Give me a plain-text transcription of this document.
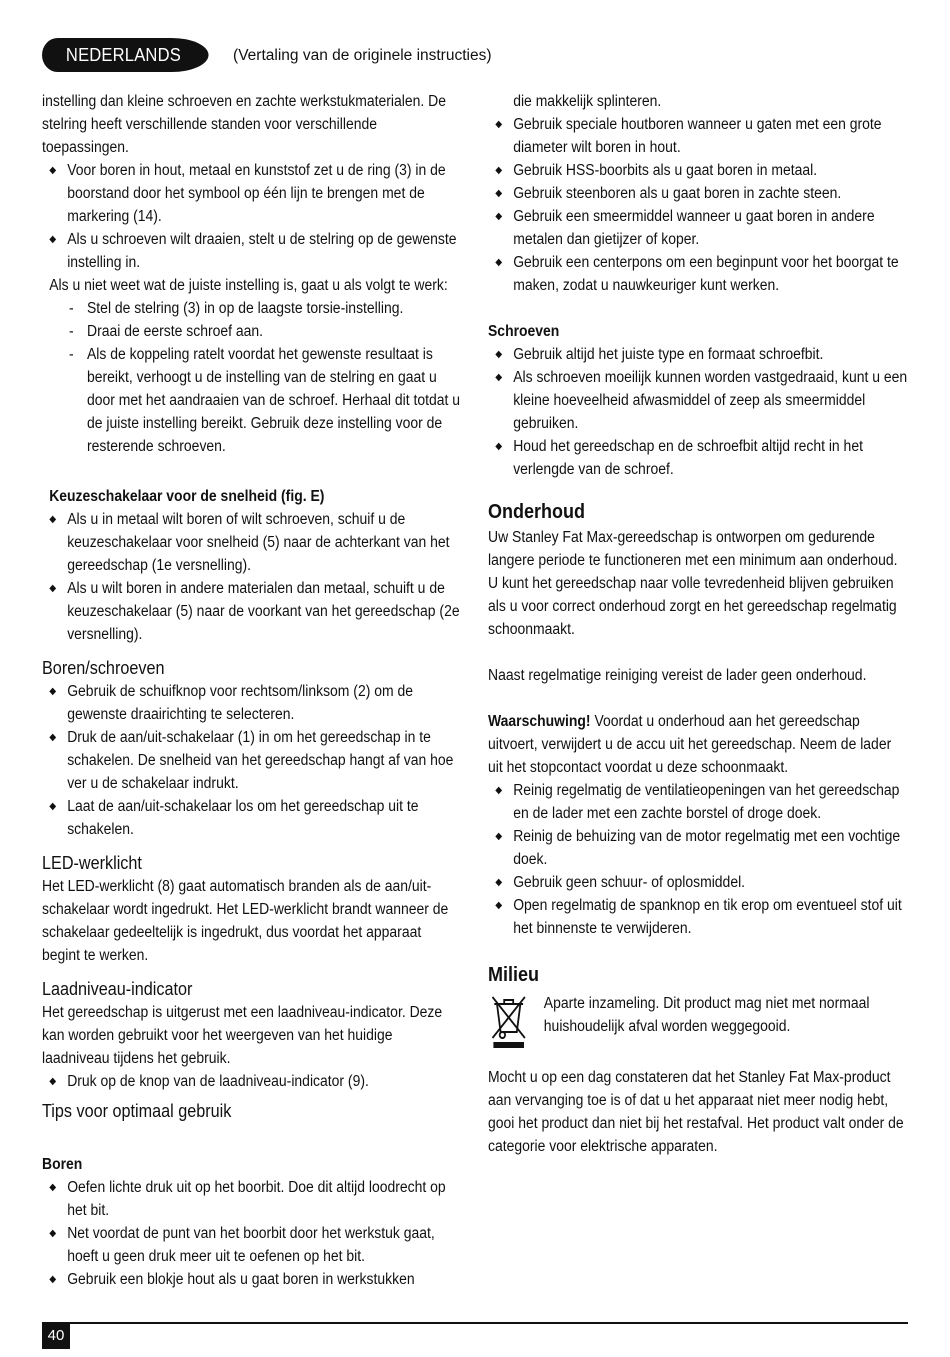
NEDERLANDS	(Vertaling van de originele instructies)

instelling dan kleine schroeven en zachte werkstukmaterialen. De stelring heeft verschillende standen voor verschillende toepassingen.

◆ Voor boren in hout, metaal en kunststof zet u de ring (3) in de boorstand door het symbool op één lijn te brengen met de markering (14).

◆ Als u schroeven wilt draaien, stelt u de stelring op de gewenste instelling in.

Als u niet weet wat de juiste instelling is, gaat u als volgt te werk:

- Stel de stelring (3) in op de laagste torsie-instelling.

- Draai de eerste schroef aan.

- Als de koppeling ratelt voordat het gewenste resultaat is bereikt, verhoogt u de instelling van de stelring en gaat u door met het aandraaien van de schroef. Herhaal dit totdat u de juiste instelling bereikt. Gebruik deze instelling voor de resterende schroeven.

Keuzeschakelaar voor de snelheid (fig. E)

◆ Als u in metaal wilt boren of wilt schroeven, schuif u de keuzeschakelaar voor snelheid (5) naar de achterkant van het gereedschap (1e versnelling).

◆ Als u wilt boren in andere materialen dan metaal, schuift u de keuzeschakelaar (5) naar de voorkant van het gereedschap (2e versnelling).

Boren/schroeven

◆ Gebruik de schuifknop voor rechtsom/linksom (2) om de gewenste draairichting te selecteren.

◆ Druk de aan/uit-schakelaar (1) in om het gereedschap in te schakelen. De snelheid van het gereedschap hangt af van hoe ver u de schakelaar indrukt.

◆ Laat de aan/uit-schakelaar los om het gereedschap uit te schakelen.

LED-werklicht

Het LED-werklicht (8) gaat automatisch branden als de aan/uit-schakelaar wordt ingedrukt. Het LED-werklicht brandt wanneer de schakelaar gedeeltelijk is ingedrukt, dus voordat het apparaat begint te werken.

Laadniveau-indicator

Het gereedschap is uitgerust met een laadniveau-indicator. Deze kan worden gebruikt voor het weergeven van het huidige laadniveau tijdens het gebruik.

◆ Druk op de knop van de laadniveau-indicator (9).

Tips voor optimaal gebruik

Boren

◆ Oefen lichte druk uit op het boorbit. Doe dit altijd loodrecht op het bit.

◆ Net voordat de punt van het boorbit door het werkstuk gaat, hoeft u geen druk meer uit te oefenen op het bit.

◆ Gebruik een blokje hout als u gaat boren in werkstukken

die makkelijk splinteren.

◆ Gebruik speciale houtboren wanneer u gaten met een grote diameter wilt boren in hout.

◆ Gebruik HSS-boorbits als u gaat boren in metaal.

◆ Gebruik steenboren als u gaat boren in zachte steen.

◆ Gebruik een smeermiddel wanneer u gaat boren in andere metalen dan gietijzer of koper.

◆ Gebruik een centerpons om een beginpunt voor het boorgat te maken, zodat u nauwkeuriger kunt werken.

Schroeven

◆ Gebruik altijd het juiste type en formaat schroefbit.

◆ Als schroeven moeilijk kunnen worden vastgedraaid, kunt u een kleine hoeveelheid afwasmiddel of zeep als smeermiddel gebruiken.

◆ Houd het gereedschap en de schroefbit altijd recht in het verlengde van de schroef.

Onderhoud

Uw Stanley Fat Max-gereedschap is ontworpen om gedurende langere periode te functioneren met een minimum aan onderhoud. U kunt het gereedschap naar volle tevredenheid blijven gebruiken als u voor correct onderhoud zorgt en het gereedschap regelmatig schoonmaakt.

Naast regelmatige reiniging vereist de lader geen onderhoud.

Waarschuwing! Voordat u onderhoud aan het gereedschap uitvoert, verwijdert u de accu uit het gereedschap. Neem de lader uit het stopcontact voordat u deze schoonmaakt.

◆ Reinig regelmatig de ventilatieopeningen van het gereedschap en de lader met een zachte borstel of droge doek.

◆ Reinig de behuizing van de motor regelmatig met een vochtige doek.

◆ Gebruik geen schuur- of oplosmiddel.

◆ Open regelmatig de spanknop en tik erop om eventueel stof uit het binnenste te verwijderen.

Milieu

Aparte inzameling. Dit product mag niet met normaal huishoudelijk afval worden weggegooid.

Mocht u op een dag constateren dat het Stanley Fat Max-product aan vervanging toe is of dat u het apparaat niet meer nodig hebt, gooi het product dan niet bij het restafval. Het product valt onder de categorie voor elektrische apparaten.

40
